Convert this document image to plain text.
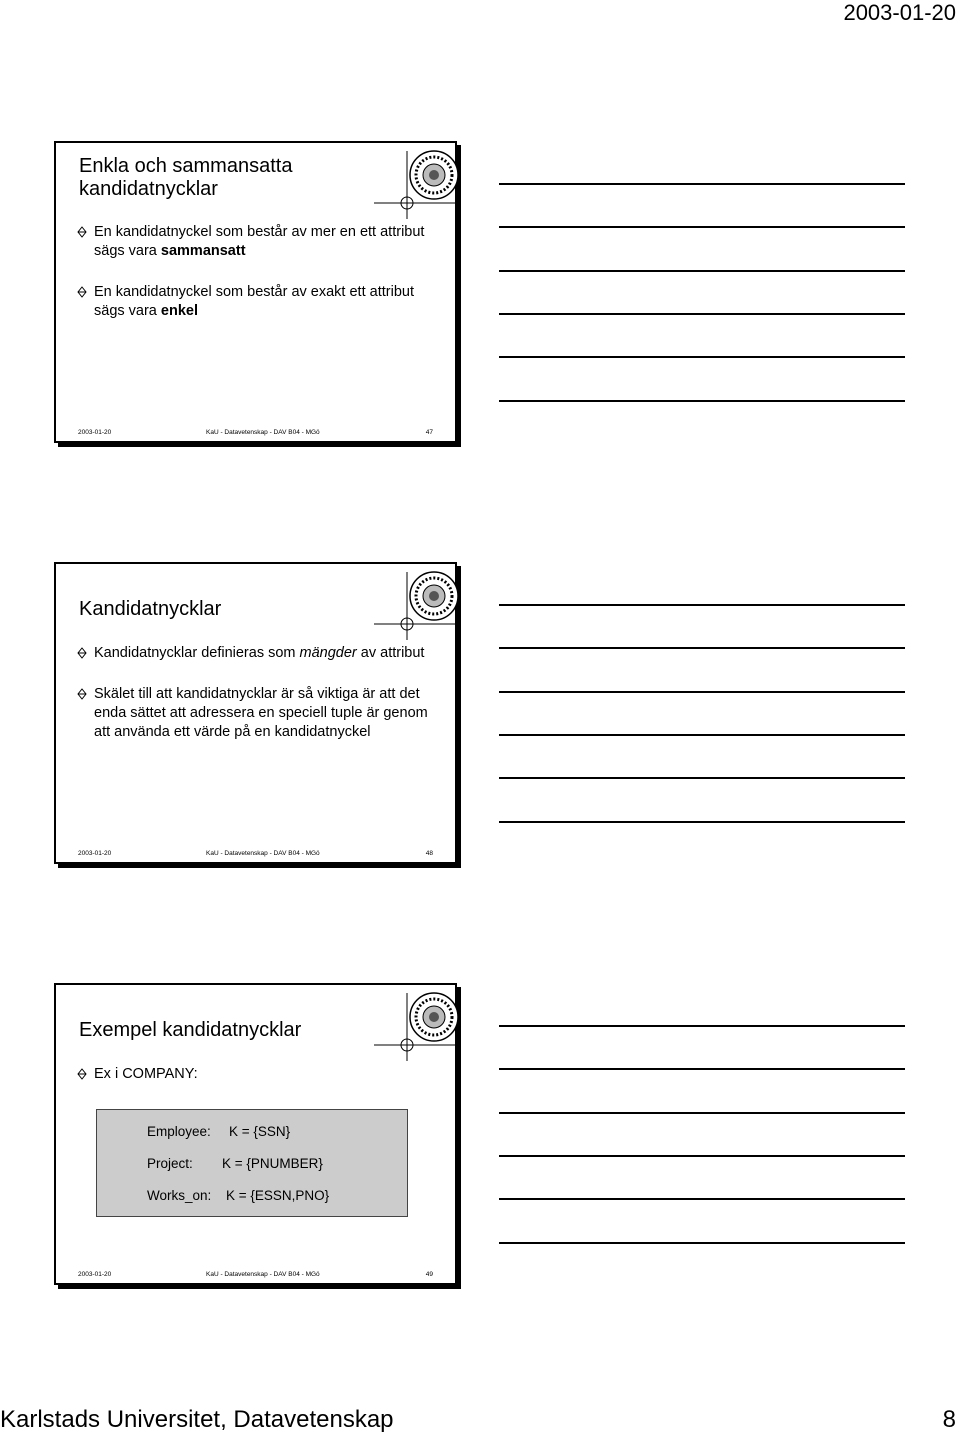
2003-01-20
Enkla och sammansatta kandidatnycklar
En kandidatnyckel som består av mer en ett attribut sägs vara sammansatt
En kandidatnyckel som består av exakt ett attribut sägs vara enkel
2003-01-20	KaU - Datavetenskap - DAV B04 - MGö	47
Kandidatnycklar
Kandidatnycklar definieras som mängder av attribut
Skälet till att kandidatnycklar är så viktiga är att det enda sättet att adressera en speciell tuple är genom att använda ett värde på en kandidatnyckel
2003-01-20	KaU - Datavetenskap - DAV B04 - MGö	48
Exempel kandidatnycklar
Ex i COMPANY:
Employee: K = {SSN}
Project: K = {PNUMBER}
Works_on: K = {ESSN,PNO}
2003-01-20	KaU - Datavetenskap - DAV B04 - MGö	49
Karlstads Universitet, Datavetenskap	8
